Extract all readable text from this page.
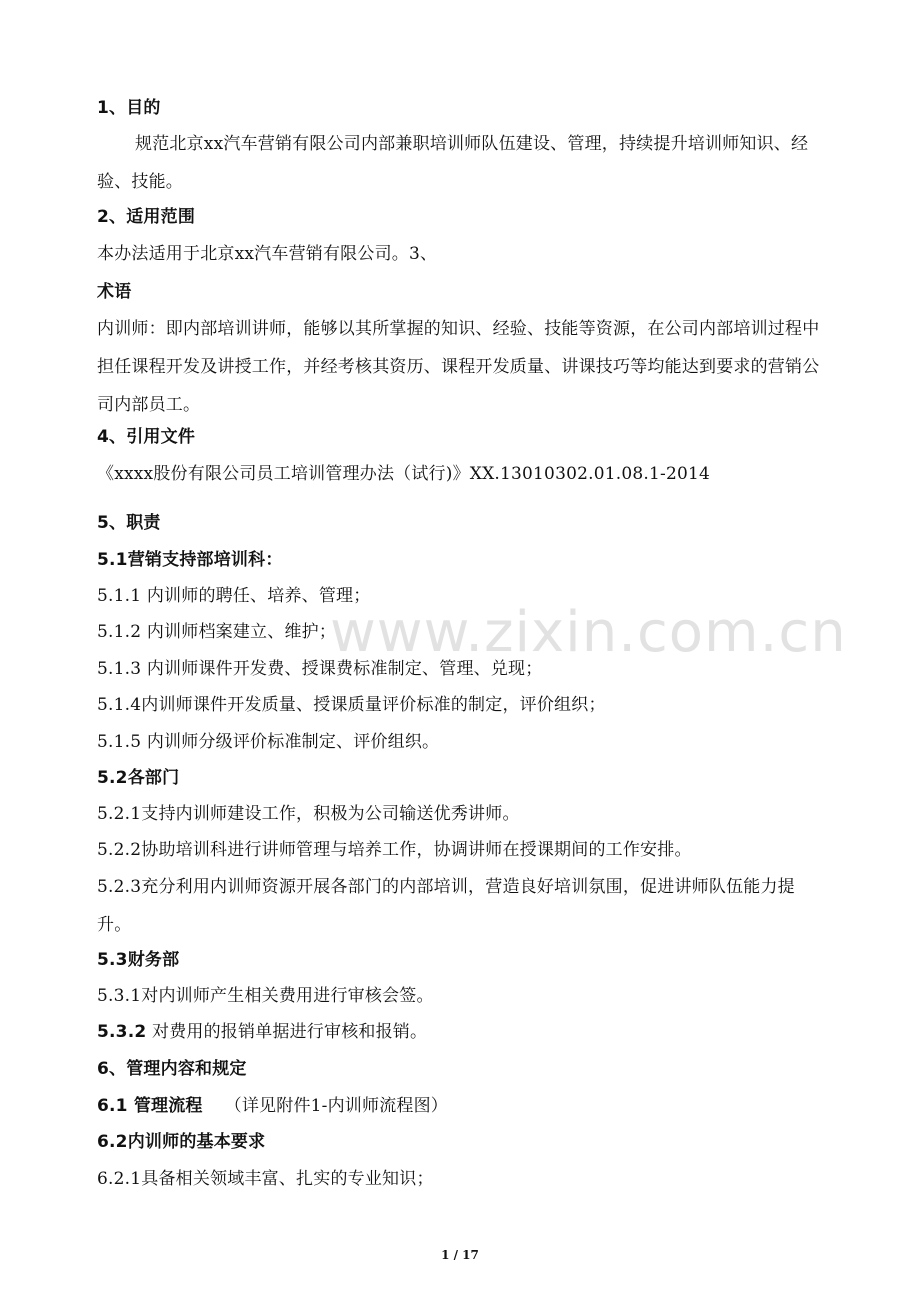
1、目的
规范北京xx汽车营销有限公司内部兼职培训师队伍建设、管理，持续提升培训师知识、经验、技能。
2、适用范围
本办法适用于北京xx汽车营销有限公司。3、
术语
内训师：即内部培训讲师，能够以其所掌握的知识、经验、技能等资源，在公司内部培训过程中担任课程开发及讲授工作，并经考核其资历、课程开发质量、讲课技巧等均能达到要求的营销公司内部员工。
4、引用文件
《xxxx股份有限公司员工培训管理办法（试行)》XX.13010302.01.08.1-2014
5、职责
5.1营销支持部培训科：
5.1.1 内训师的聘任、培养、管理；
5.1.2 内训师档案建立、维护；
5.1.3 内训师课件开发费、授课费标准制定、管理、兑现；
5.1.4内训师课件开发质量、授课质量评价标准的制定，评价组织；
5.1.5 内训师分级评价标准制定、评价组织。
5.2各部门
5.2.1支持内训师建设工作，积极为公司输送优秀讲师。
5.2.2协助培训科进行讲师管理与培养工作，协调讲师在授课期间的工作安排。
5.2.3充分利用内训师资源开展各部门的内部培训，营造良好培训氛围，促进讲师队伍能力提升。
5.3财务部
5.3.1对内训师产生相关费用进行审核会签。
5.3.2 对费用的报销单据进行审核和报销。
6、管理内容和规定
6.1 管理流程 （详见附件1-内训师流程图）
6.2内训师的基本要求
6.2.1具备相关领域丰富、扎实的专业知识；
www.zixin.com.cn
1 / 17
